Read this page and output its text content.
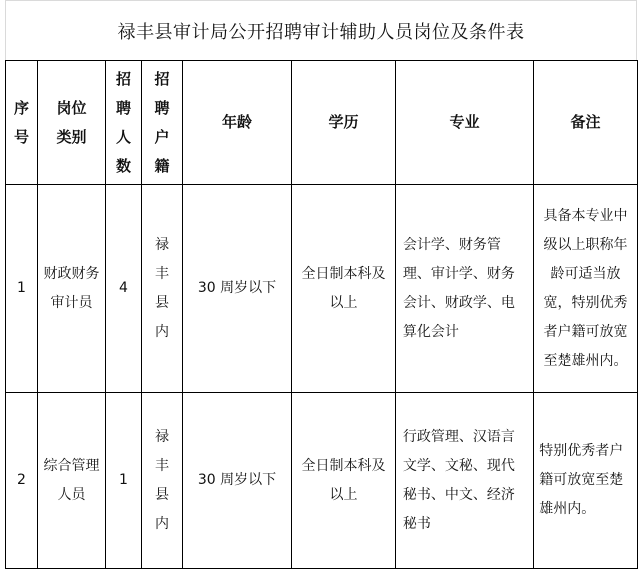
禄丰县审计局公开招聘审计辅助人员岗位及条件表
序号	岗位类别	招聘人数	招聘户籍	年龄	学历	专业	备注
1	财政财务审计员	4	禄丰县内	30 周岁以下	全日制本科及以上	会计学、财务管理、审计学、财务会计、财政学、电算化会计	具备本专业中级以上职称年龄可适当放宽，特别优秀者户籍可放宽至楚雄州内。
2	综合管理人员	1	禄丰县内	30 周岁以下	全日制本科及以上	行政管理、汉语言文学、文秘、现代秘书、中文、经济秘书	特别优秀者户籍可放宽至楚雄州内。
